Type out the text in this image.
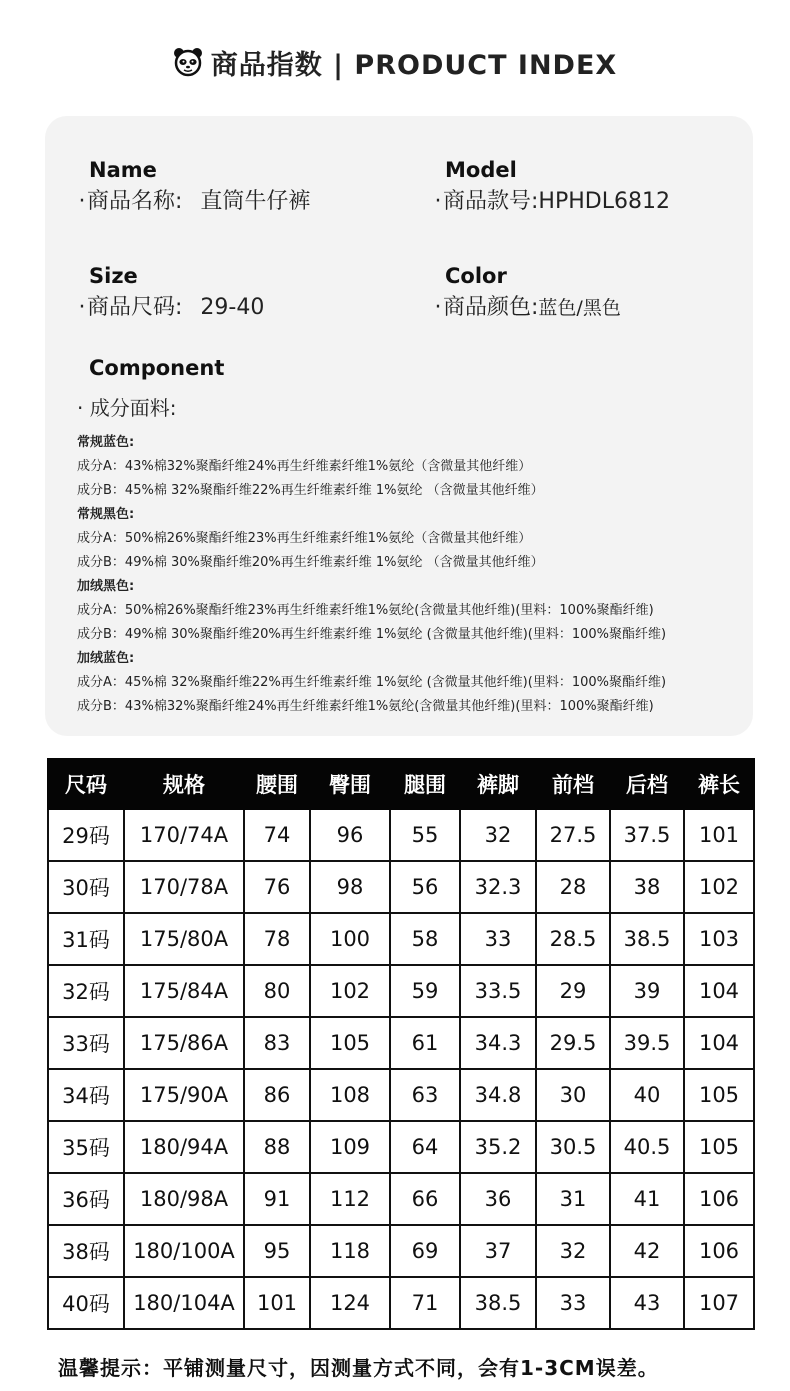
商品指数 | PRODUCT INDEX
Name
·商品名称: 直筒牛仔裤
Model
·商品款号:HPHDL6812
Size
·商品尺码: 29-40
Color
·商品颜色:蓝色/黑色
Component
· 成分面料:
常规蓝色:
成分A：43%棉32%聚酯纤维24%再生纤维素纤维1%氨纶（含微量其他纤维）
成分B：45%棉 32%聚酯纤维22%再生纤维素纤维 1%氨纶 （含微量其他纤维）
常规黑色:
成分A：50%棉26%聚酯纤维23%再生纤维素纤维1%氨纶（含微量其他纤维）
成分B：49%棉 30%聚酯纤维20%再生纤维素纤维 1%氨纶 （含微量其他纤维）
加绒黑色:
成分A：50%棉26%聚酯纤维23%再生纤维素纤维1%氨纶(含微量其他纤维)(里料：100%聚酯纤维)
成分B：49%棉 30%聚酯纤维20%再生纤维素纤维 1%氨纶 (含微量其他纤维)(里料：100%聚酯纤维)
加绒蓝色:
成分A：45%棉 32%聚酯纤维22%再生纤维素纤维 1%氨纶 (含微量其他纤维)(里料：100%聚酯纤维)
成分B：43%棉32%聚酯纤维24%再生纤维素纤维1%氨纶(含微量其他纤维)(里料：100%聚酯纤维)
尺码	规格	腰围	臀围	腿围	裤脚	前档	后档	裤长
29码	170/74A	74	96	55	32	27.5	37.5	101
30码	170/78A	76	98	56	32.3	28	38	102
31码	175/80A	78	100	58	33	28.5	38.5	103
32码	175/84A	80	102	59	33.5	29	39	104
33码	175/86A	83	105	61	34.3	29.5	39.5	104
34码	175/90A	86	108	63	34.8	30	40	105
35码	180/94A	88	109	64	35.2	30.5	40.5	105
36码	180/98A	91	112	66	36	31	41	106
38码	180/100A	95	118	69	37	32	42	106
40码	180/104A	101	124	71	38.5	33	43	107
温馨提示：平铺测量尺寸，因测量方式不同，会有1-3CM误差。
